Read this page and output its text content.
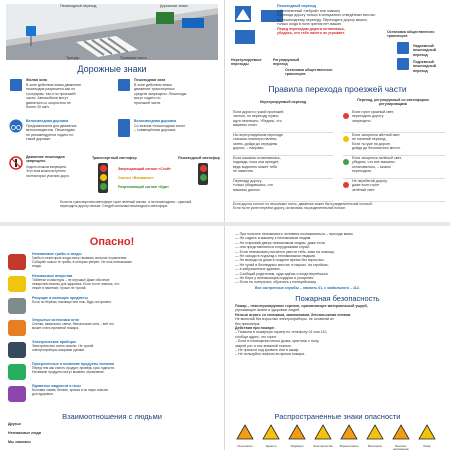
Пешеходный переход	Дорожные знаки
Тротуар	Проезжая часть
Дорожные знаки
Жилая зона
В зоне действия знака движение
пешеходов разрешено как по
тротуарам, так и по проезжей
части. Автомобили могут
двигаться со скоростью не
более 20 км/ч.
Пешеходная зона
В зоне действия знака
движение транспортных
средств запрещено. Пешеходы
могут ходить по
проезжей части.
Велосипедная дорожка
Предназначена для движения
велосипедистов. Пешеходам
не рекомендуется ходить по
такой дорожке.
Велосипедная дорожка
Со знаком «пешеходная зона»
– совмещённая дорожка.
Движение пешеходов запрещено
Ходить пешком запрещено.
Этот знак можно встретить
на некоторых участках дорог.
Транспортный светофор	Пешеходный светофор
Запрещающий сигнал «Стой»
Сигнал «Внимание»
Разрешающий сигнал «Иди»
Если на транспортном светофоре горит зелёный сигнал, а на пешеходном – красный,
переходить дорогу нельзя. Следуй сигналам пешеходного светофора.
Пешеходный переход
(обозначенный «зеброй» или знаком)
Переходи дорогу только в специально отведённых местах:
по пешеходному переходу. Переходить дорогу можно,
только когда в поле зрения нет машин.
Перед переходом дороги остановись,
убедись, что тебе ничего не угрожает.
Нерегулируемые переходы
Регулируемый переход
Остановка общественного транспорта
Остановка общественного транспорта
Надземный пешеходный переход
Подземный пешеходный переход
Правила перехода проезжей части
Нерегулируемый переход	Переход, регулируемый со светофором регулировщика
Если дорога с узкой проезжей
частью, по переходу нужно
идти неспешно. Убедись, что
машины стоят.
На нерегулируемом переходе
сначала посмотри налево,
затем, дойдя до середины
дороги, – направо.
Если машина остановилась,
подожди, пока она проедет,
ведь водитель может тебя
не заметить.
Переходи дорогу,
только убедившись, что
машины далеко.
Если горит красный свет,
переходить дорогу
запрещено.
Если загорелся жёлтый свет,
не начинай переход.
Если ты уже на дороге,
дойди до безопасного места.
Если загорелся зелёный свет,
убедись, что все машины
остановились, – можно
переходить.
Не перебегай дорогу,
даже если горит
зелёный свет.
Если дорога состоит из нескольких полос, движение может быть разделительной полосой.
Если ты не успел перейти дорогу, остановись на разделительной полосе.
Опасно!
Незнакомые грибы и ягоды
Грибы и некоторые ягоды могут вызвать сильное отравление.
Собирай только те грибы, в которых уверен. Не ешь незнакомые
ягоды.
Незнакомые вещества
Таблетки и микстуры – не игрушки! Даже обычные
лекарства опасны для здоровья. Если ты не знаешь, что
лежит в пакетике, лучше не трогай.
Режущие и колющие предметы
Если ты берёшь ножницы или нож, будь осторожен.
Открытые источники огня
Спички, зажигалки, свечи, бенгальские огни – всё это
может стать причиной пожара.
Электрические приборы
Электричество очень опасно. Не трогай
электроприборы мокрыми руками.
Просроченные и несвежие продукты питания
Перед тем как съесть продукт, проверь срок годности.
Несвежие продукты могут вызвать отравление.
Ядовитые жидкости и газы
Бытовая химия, бензин, краска и их пары опасны
для здоровья.
Взаимоотношения с людьми
Друзья
Незнакомые люди
Мы знакомы
— При попытке незнакомого человека познакомиться – проходи мимо.
— Не садись в машину к незнакомым людям.
— Не открывай дверь незнакомым людям, даже если
— они представляются сотрудниками служб.
— Если незнакомец пытается увести тебя, зови на помощь.
— Не заходи в подъезд с незнакомыми людьми.
— Не выходи из дома в позднее время без взрослых.
— Не гуляй в безлюдных местах: в парках, на стройках,
— в заброшенных зданиях.
— Сообщай родителям, куда идёшь и когда вернёшься.
— Не бери у незнакомцев подарки и угощения.
— Если ты потерялся, обратись к полицейскому.
Все экстренные службы – звонить 01, с мобильного – 112.
Пожарная безопасность
Пожар – неконтролируемое горение, причиняющее материальный ущерб,
угрожающее жизни и здоровью людей.
Нельзя играть со спичками, зажигалками, бенгальскими огнями.
Не включай без взрослых электроприборы, не оставляй их
без присмотра.
Действия при пожаре:
– Позвони в пожарную охрану по телефону 01 или 112,
сообщи адрес, что горит.
– Если в помещении много дыма, пригнись к полу,
закрой рот и нос влажной тканью.
– Не прячься под кровать или в шкаф.
– Не пользуйся лифтом во время пожара.
Распространенные знаки опасности
Огнеопасно	Ядовито	Радиация	Электричество	Взрывоопасно	Биоопасно	Высокое напряжение
Лазер
